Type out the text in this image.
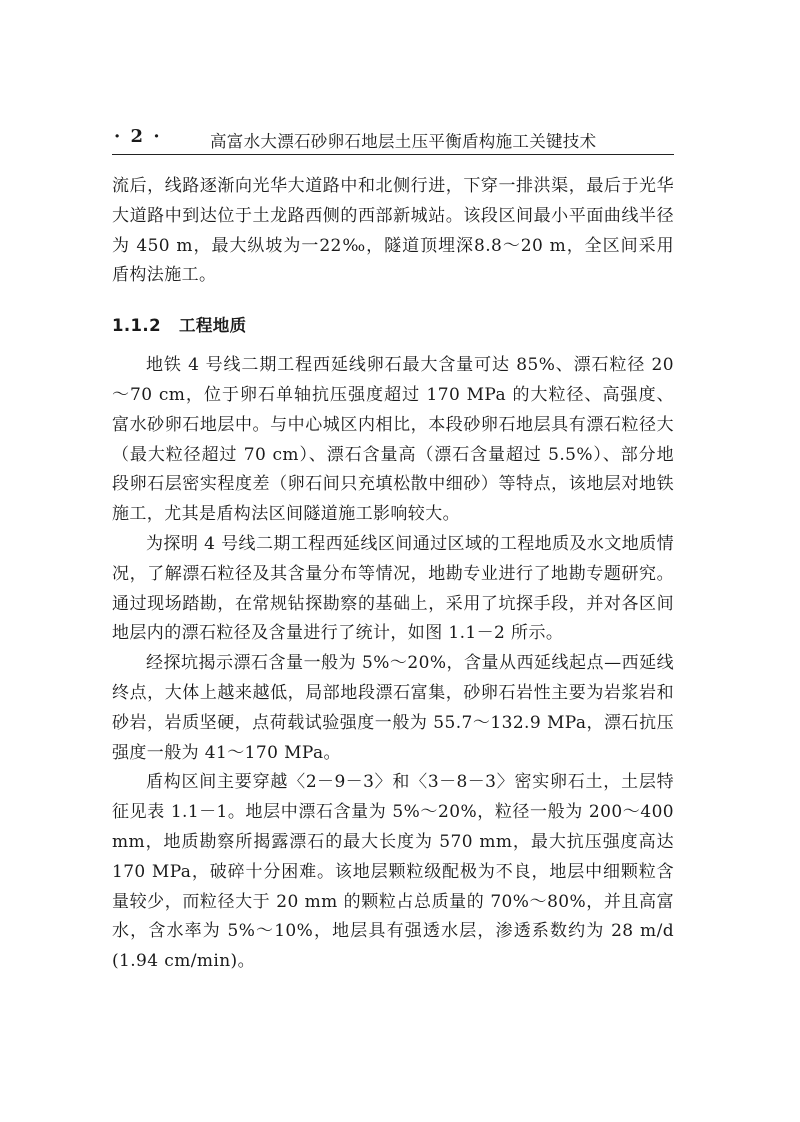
· 2 ·	高富水大漂石砂卵石地层土压平衡盾构施工关键技术

流后，线路逐渐向光华大道路中和北侧行进，下穿一排洪渠，最后于光华大道路中到达位于土龙路西侧的西部新城站。该段区间最小平面曲线半径为 450 m，最大纵坡为一22‰，隧道顶埋深8.8～20 m，全区间采用盾构法施工。

1.1.2 工程地质

地铁 4 号线二期工程西延线卵石最大含量可达 85%、漂石粒径 20～70 cm，位于卵石单轴抗压强度超过 170 MPa 的大粒径、高强度、富水砂卵石地层中。与中心城区内相比，本段砂卵石地层具有漂石粒径大（最大粒径超过 70 cm）、漂石含量高（漂石含量超过 5.5%）、部分地段卵石层密实程度差（卵石间只充填松散中细砂）等特点，该地层对地铁施工，尤其是盾构法区间隧道施工影响较大。

为探明 4 号线二期工程西延线区间通过区域的工程地质及水文地质情况，了解漂石粒径及其含量分布等情况，地勘专业进行了地勘专题研究。通过现场踏勘，在常规钻探勘察的基础上，采用了坑探手段，并对各区间地层内的漂石粒径及含量进行了统计，如图 1.1－2 所示。

经探坑揭示漂石含量一般为 5%～20%，含量从西延线起点—西延线终点，大体上越来越低，局部地段漂石富集，砂卵石岩性主要为岩浆岩和砂岩，岩质坚硬，点荷载试验强度一般为 55.7～132.9 MPa，漂石抗压强度一般为 41～170 MPa。

盾构区间主要穿越〈2－9－3〉和〈3－8－3〉密实卵石土，土层特征见表 1.1－1。地层中漂石含量为 5%～20%，粒径一般为 200～400 mm，地质勘察所揭露漂石的最大长度为 570 mm，最大抗压强度高达 170 MPa，破碎十分困难。该地层颗粒级配极为不良，地层中细颗粒含量较少，而粒径大于 20 mm 的颗粒占总质量的 70%～80%，并且高富水，含水率为 5%～10%，地层具有强透水层，渗透系数约为 28 m/d(1.94 cm/min)。
